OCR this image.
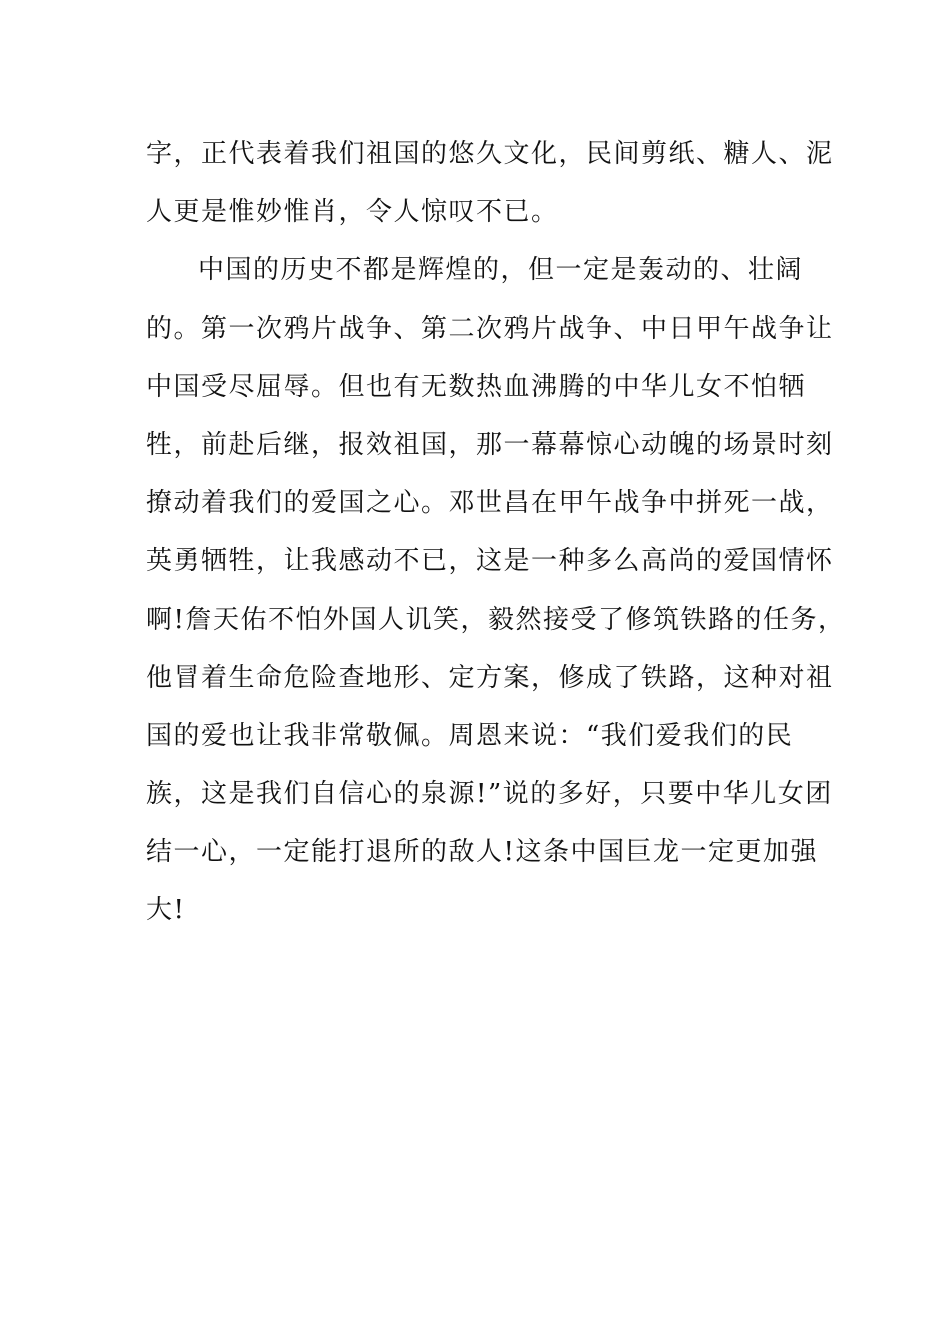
字，正代表着我们祖国的悠久文化，民间剪纸、糖人、泥
人更是惟妙惟肖，令人惊叹不已。
中国的历史不都是辉煌的，但一定是轰动的、壮阔
的。第一次鸦片战争、第二次鸦片战争、中日甲午战争让
中国受尽屈辱。但也有无数热血沸腾的中华儿女不怕牺
牲，前赴后继，报效祖国，那一幕幕惊心动魄的场景时刻
撩动着我们的爱国之心。邓世昌在甲午战争中拼死一战，
英勇牺牲，让我感动不已，这是一种多么高尚的爱国情怀
啊!詹天佑不怕外国人讥笑，毅然接受了修筑铁路的任务，
他冒着生命危险查地形、定方案，修成了铁路，这种对祖
国的爱也让我非常敬佩。周恩来说：“我们爱我们的民
族，这是我们自信心的泉源!”说的多好，只要中华儿女团
结一心，一定能打退所的敌人!这条中国巨龙一定更加强
大!
